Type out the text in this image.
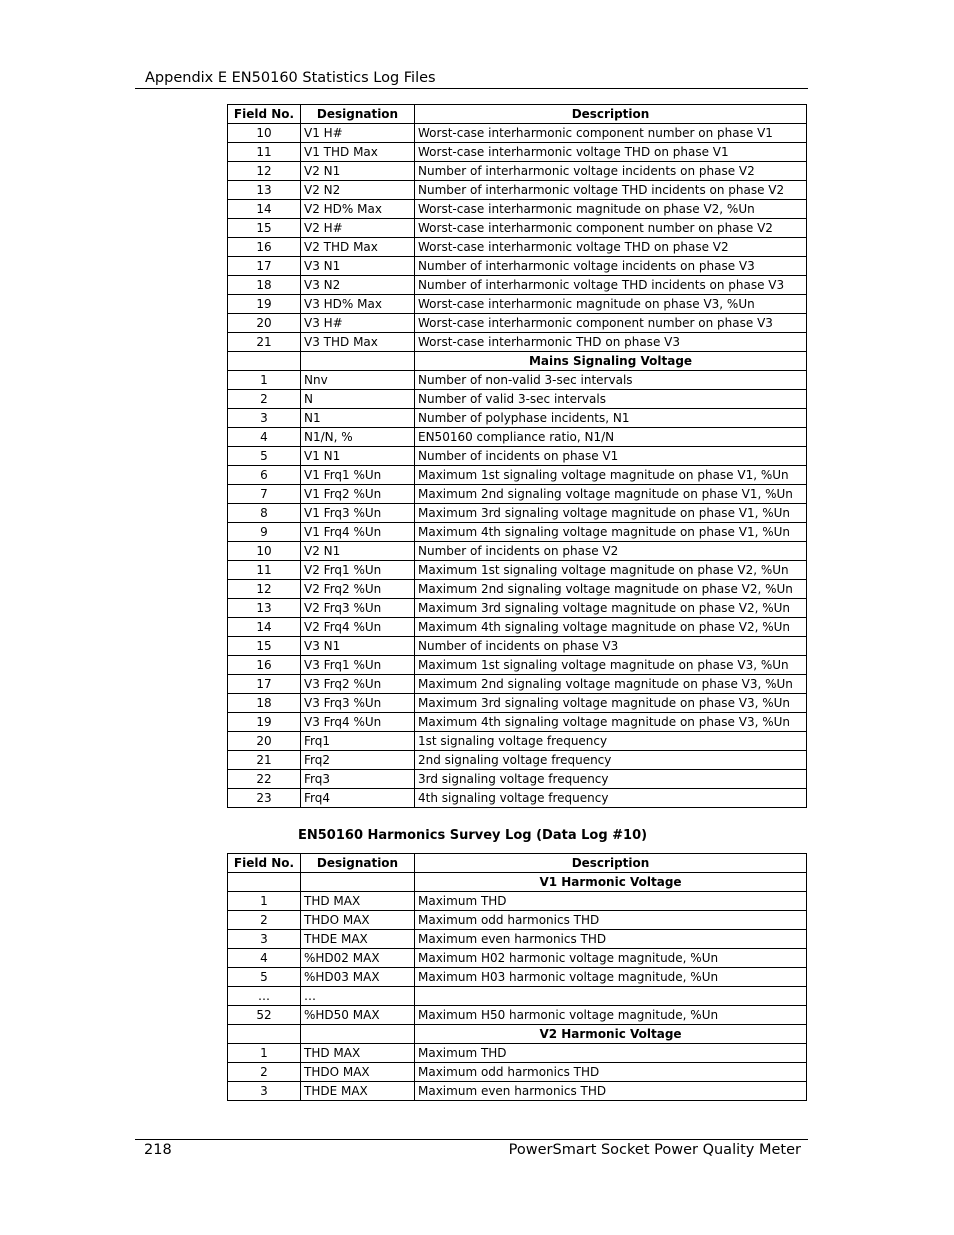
Appendix E EN50160 Statistics Log Files
Field No.	Designation	Description
10	V1 H#	Worst-case interharmonic component number on phase V1
11	V1 THD Max	Worst-case interharmonic voltage THD on phase V1
12	V2 N1	Number of interharmonic voltage incidents on phase V2
13	V2 N2	Number of interharmonic voltage THD incidents on phase V2
14	V2 HD% Max	Worst-case interharmonic magnitude on phase V2, %Un
15	V2 H#	Worst-case interharmonic component number on phase V2
16	V2 THD Max	Worst-case interharmonic voltage THD on phase V2
17	V3 N1	Number of interharmonic voltage incidents on phase V3
18	V3 N2	Number of interharmonic voltage THD incidents on phase V3
19	V3 HD% Max	Worst-case interharmonic magnitude on phase V3, %Un
20	V3 H#	Worst-case interharmonic component number on phase V3
21	V3 THD Max	Worst-case interharmonic THD on phase V3
		Mains Signaling Voltage
1	Nnv	Number of non-valid 3-sec intervals
2	N	Number of valid 3-sec intervals
3	N1	Number of polyphase incidents, N1
4	N1/N, %	EN50160 compliance ratio, N1/N
5	V1 N1	Number of incidents on phase V1
6	V1 Frq1 %Un	Maximum 1st signaling voltage magnitude on phase V1, %Un
7	V1 Frq2 %Un	Maximum 2nd signaling voltage magnitude on phase V1, %Un
8	V1 Frq3 %Un	Maximum 3rd signaling voltage magnitude on phase V1, %Un
9	V1 Frq4 %Un	Maximum 4th signaling voltage magnitude on phase V1, %Un
10	V2 N1	Number of incidents on phase V2
11	V2 Frq1 %Un	Maximum 1st signaling voltage magnitude on phase V2, %Un
12	V2 Frq2 %Un	Maximum 2nd signaling voltage magnitude on phase V2, %Un
13	V2 Frq3 %Un	Maximum 3rd signaling voltage magnitude on phase V2, %Un
14	V2 Frq4 %Un	Maximum 4th signaling voltage magnitude on phase V2, %Un
15	V3 N1	Number of incidents on phase V3
16	V3 Frq1 %Un	Maximum 1st signaling voltage magnitude on phase V3, %Un
17	V3 Frq2 %Un	Maximum 2nd signaling voltage magnitude on phase V3, %Un
18	V3 Frq3 %Un	Maximum 3rd signaling voltage magnitude on phase V3, %Un
19	V3 Frq4 %Un	Maximum 4th signaling voltage magnitude on phase V3, %Un
20	Frq1	1st signaling voltage frequency
21	Frq2	2nd signaling voltage frequency
22	Frq3	3rd signaling voltage frequency
23	Frq4	4th signaling voltage frequency
EN50160 Harmonics Survey Log (Data Log #10)
Field No.	Designation	Description
		V1 Harmonic Voltage
1	THD MAX	Maximum THD
2	THDO MAX	Maximum odd harmonics THD
3	THDE MAX	Maximum even harmonics THD
4	%HD02 MAX	Maximum H02 harmonic voltage magnitude, %Un
5	%HD03 MAX	Maximum H03 harmonic voltage magnitude, %Un
…	…	
52	%HD50 MAX	Maximum H50 harmonic voltage magnitude, %Un
		V2 Harmonic Voltage
1	THD MAX	Maximum THD
2	THDO MAX	Maximum odd harmonics THD
3	THDE MAX	Maximum even harmonics THD
218	PowerSmart Socket Power Quality Meter
